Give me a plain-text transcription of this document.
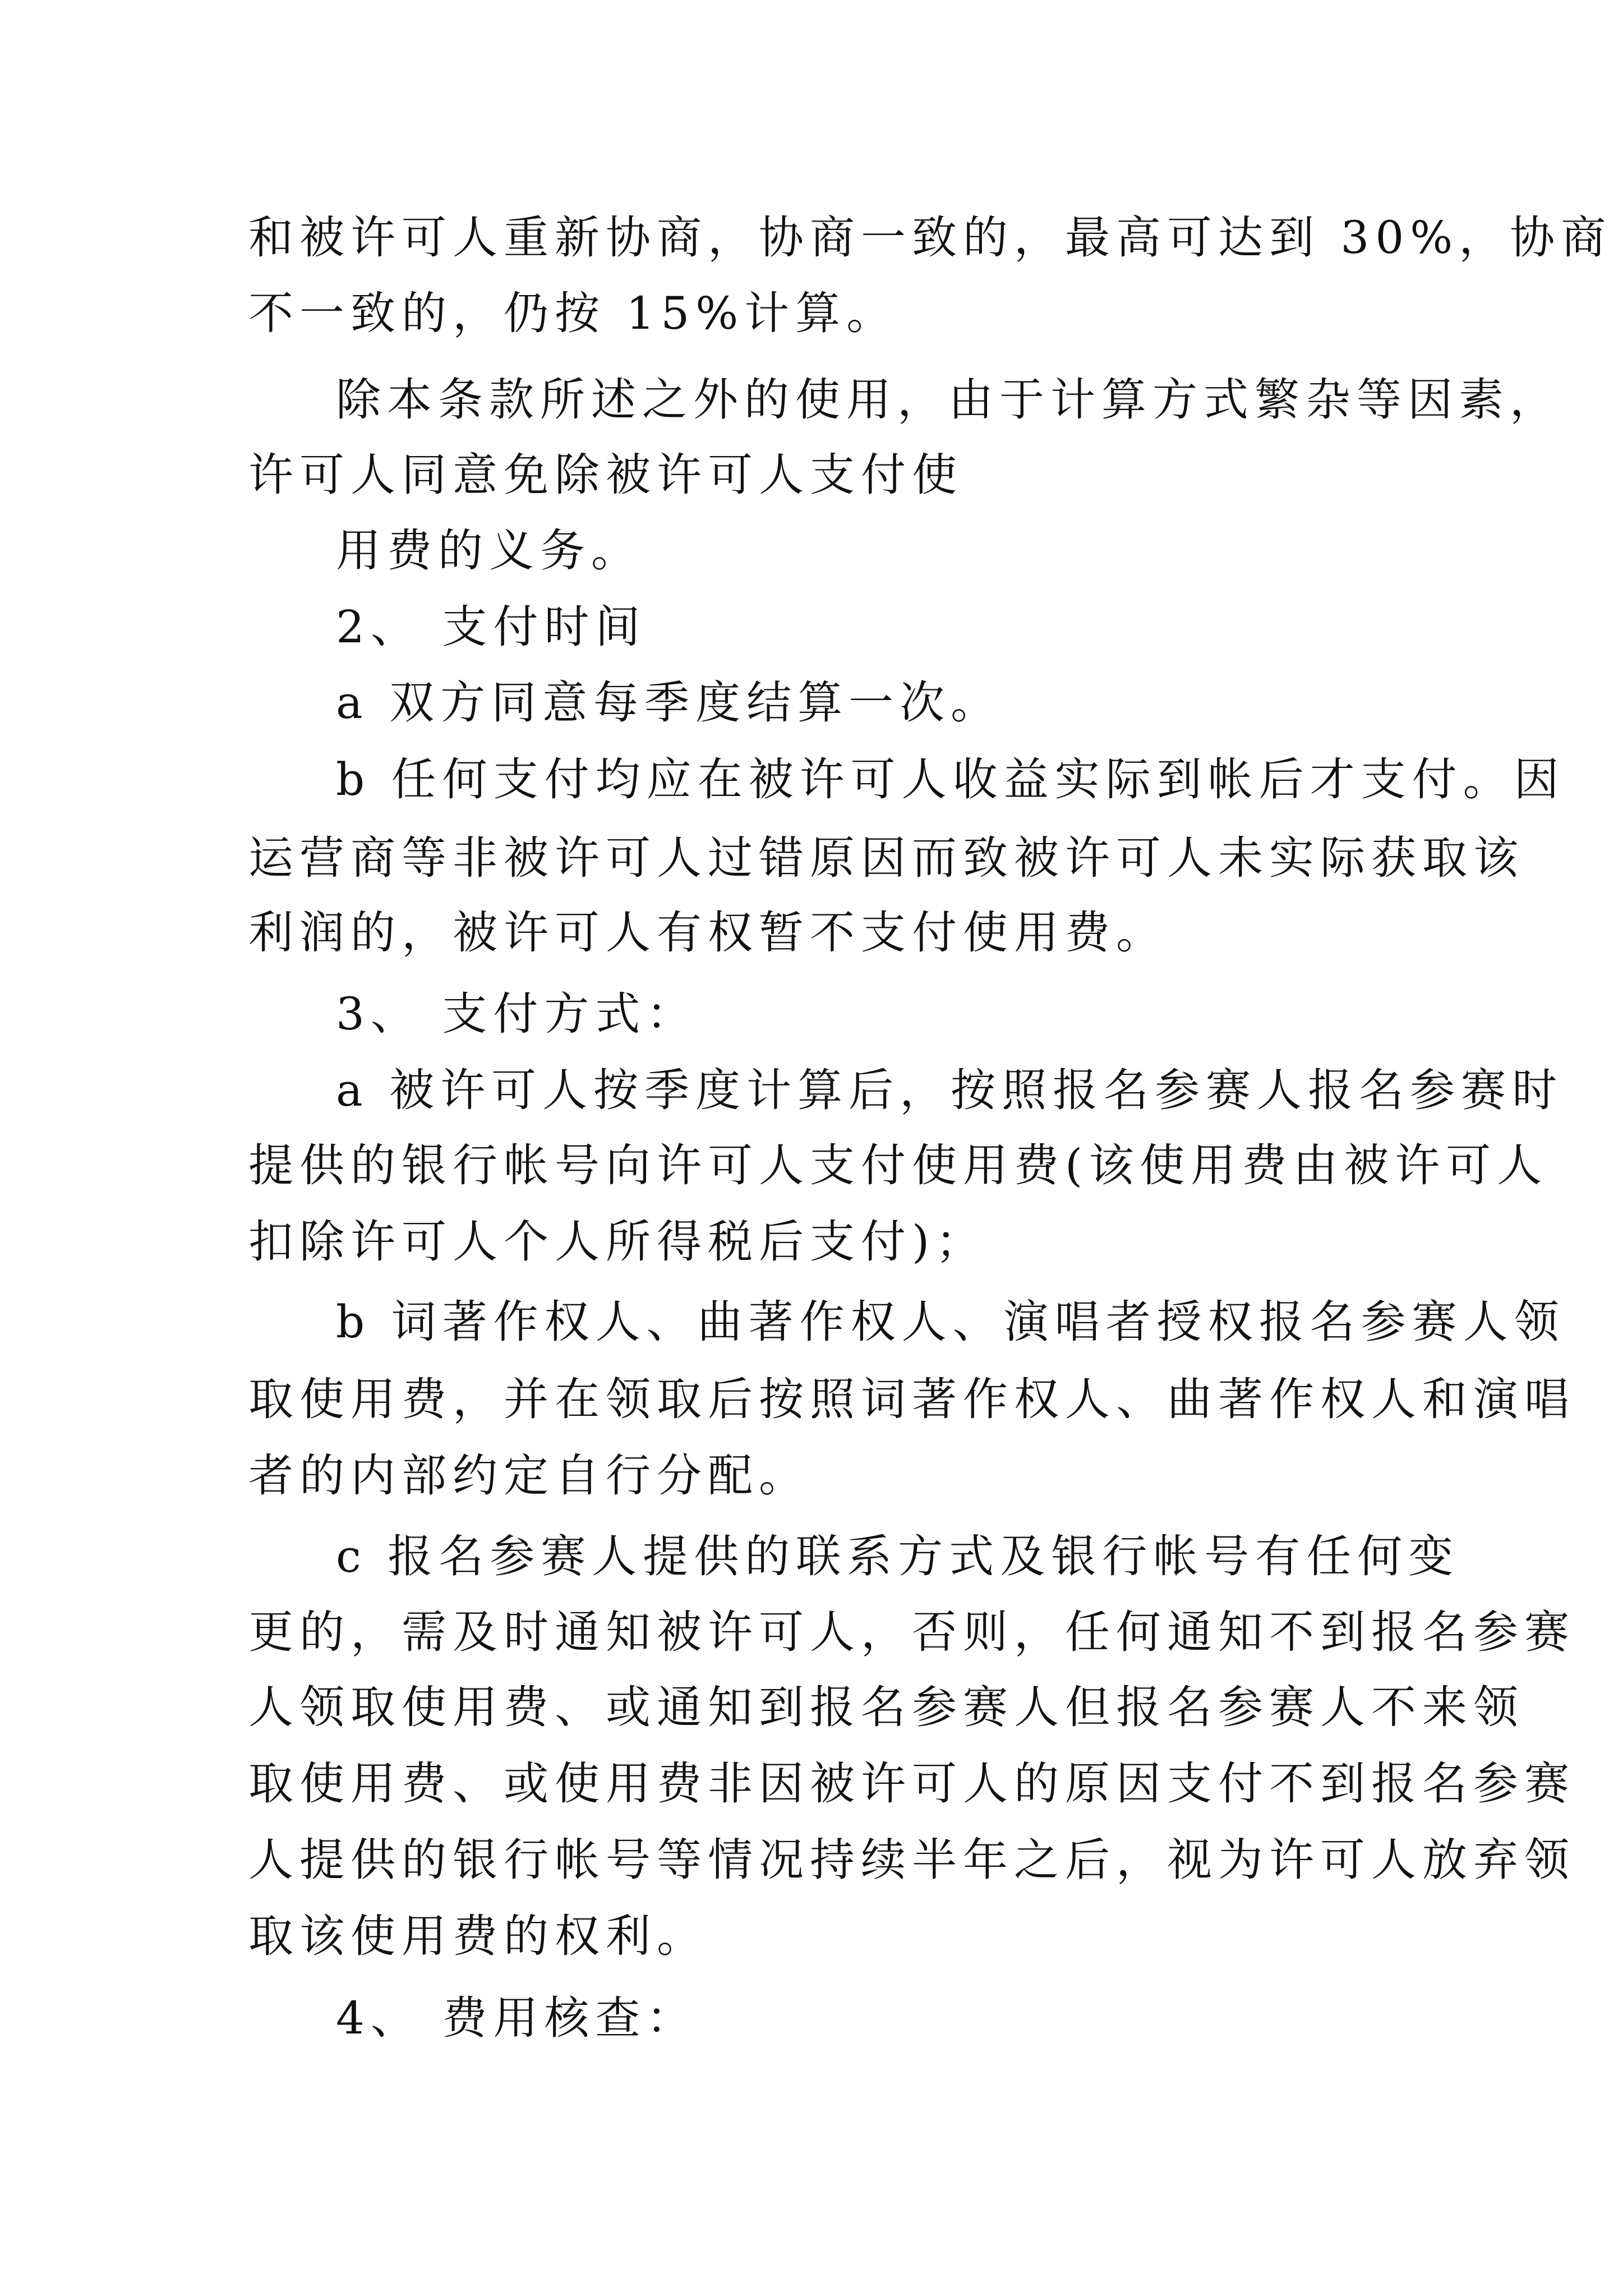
和被许可人重新协商，协商一致的，最高可达到 30%，协商

不一致的，仍按 15%计算。

除本条款所述之外的使用，由于计算方式繁杂等因素，

许可人同意免除被许可人支付使

用费的义务。

2、 支付时间

a 双方同意每季度结算一次。

b 任何支付均应在被许可人收益实际到帐后才支付。因

运营商等非被许可人过错原因而致被许可人未实际获取该

利润的，被许可人有权暂不支付使用费。

3、 支付方式：

a 被许可人按季度计算后，按照报名参赛人报名参赛时

提供的银行帐号向许可人支付使用费(该使用费由被许可人

扣除许可人个人所得税后支付)；

b 词著作权人、曲著作权人、演唱者授权报名参赛人领

取使用费，并在领取后按照词著作权人、曲著作权人和演唱

者的内部约定自行分配。

c 报名参赛人提供的联系方式及银行帐号有任何变

更的，需及时通知被许可人，否则，任何通知不到报名参赛

人领取使用费、或通知到报名参赛人但报名参赛人不来领

取使用费、或使用费非因被许可人的原因支付不到报名参赛

人提供的银行帐号等情况持续半年之后，视为许可人放弃领

取该使用费的权利。

4、 费用核查：
